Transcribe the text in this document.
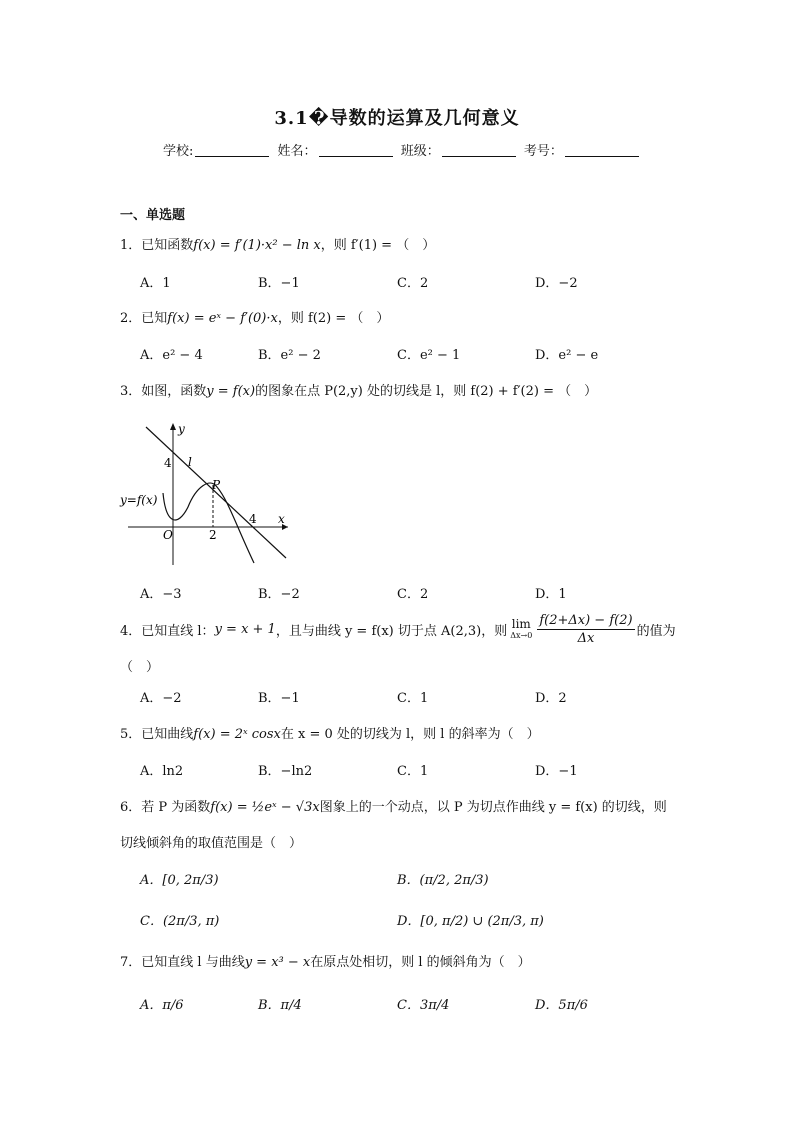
3.1�导数的运算及几何意义
学校:	姓名：	班级：	考号：
一、单选题
1．已知函数f(x) = f′(1)·x² − ln x，则 f′(1) = （　）
A．1	B．−1	C．2	D．−2
2．已知f(x) = eˣ − f′(0)·x，则 f(2) = （　）
A．e² − 4	B．e² − 2	C．e² − 1	D．e² − e
3．如图，函数y = f(x)的图象在点 P(2,y) 处的切线是 l，则 f(2) + f′(2) = （　）
y
x
O
l
P
y=f(x)
4
4
2
A．−3	B．−2	C．2	D．1
4．已知直线 l： y = x + 1 ，且与曲线 y = f(x) 切于点 A(2,3)，则
lim
$\Delta x\to 0 \frac{f(2+\Delta x) - f(2)}{\Delta x}$ 的值为
（　）
A．−2	B．−1	C．1	D．2
5．已知曲线f(x) = 2ˣ cosx在 x = 0 处的切线为 l，则 l 的斜率为（　）
A．ln2	B．−ln2	C．1	D．−1
6．若 P 为函数f(x) = ½eˣ − √3x图象上的一个动点，以 P 为切点作曲线 y = f(x) 的切线，则
切线倾斜角的取值范围是（　）
A．[0, 2π/3)	B．(π/2, 2π/3)
C．(2π/3, π)	D．[0, π/2) ∪ (2π/3, π)
7．已知直线 l 与曲线y = x³ − x在原点处相切，则 l 的倾斜角为（　）
A．π/6	B．π/4	C．3π/4	D．5π/6
